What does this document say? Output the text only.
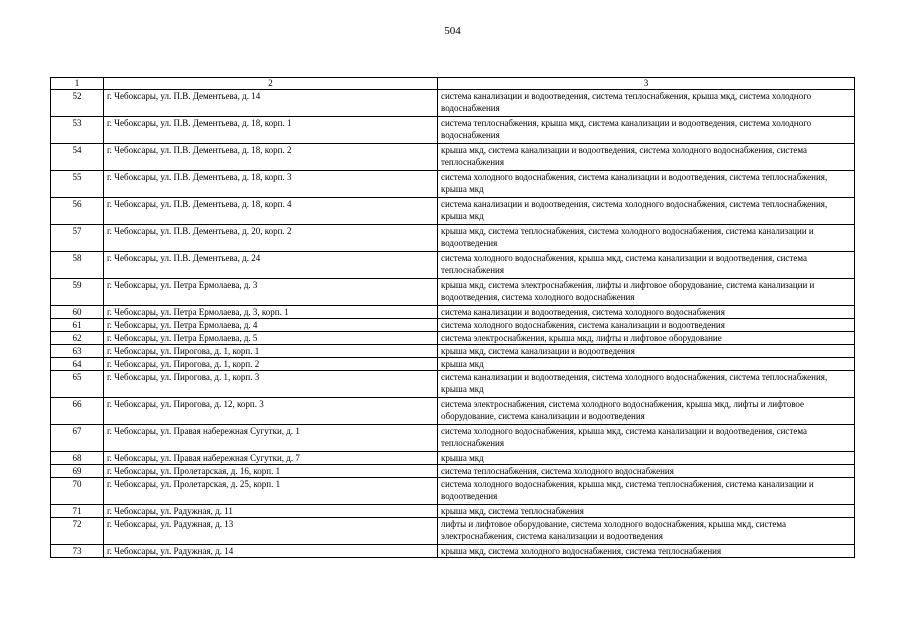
504
1	2	3
52	г. Чебоксары, ул. П.В. Дементьева, д. 14	система канализации и водоотведения, система теплоснабжения, крыша мкд, система холодного водоснабжения
53	г. Чебоксары, ул. П.В. Дементьева, д. 18, корп. 1	система теплоснабжения, крыша мкд, система канализации и водоотведения, система холодного водоснабжения
54	г. Чебоксары, ул. П.В. Дементьева, д. 18, корп. 2	крыша мкд, система канализации и водоотведения, система холодного водоснабжения, система теплоснабжения
55	г. Чебоксары, ул. П.В. Дементьева, д. 18, корп. 3	система холодного водоснабжения, система канализации и водоотведения, система теплоснабжения, крыша мкд
56	г. Чебоксары, ул. П.В. Дементьева, д. 18, корп. 4	система канализации и водоотведения, система холодного водоснабжения, система теплоснабжения, крыша мкд
57	г. Чебоксары, ул. П.В. Дементьева, д. 20, корп. 2	крыша мкд, система теплоснабжения, система холодного водоснабжения, система канализации и водоотведения
58	г. Чебоксары, ул. П.В. Дементьева, д. 24	система холодного водоснабжения, крыша мкд, система канализации и водоотведения, система теплоснабжения
59	г. Чебоксары, ул. Петра Ермолаева, д. 3	крыша мкд, система электроснабжения, лифты и лифтовое оборудование, система канализации и водоотведения, система холодного водоснабжения
60	г. Чебоксары, ул. Петра Ермолаева, д. 3, корп. 1	система канализации и водоотведения, система холодного водоснабжения
61	г. Чебоксары, ул. Петра Ермолаева, д. 4	система холодного водоснабжения, система канализации и водоотведения
62	г. Чебоксары, ул. Петра Ермолаева, д. 5	система электроснабжения, крыша мкд, лифты и лифтовое оборудование
63	г. Чебоксары, ул. Пирогова, д. 1, корп. 1	крыша мкд, система канализации и водоотведения
64	г. Чебоксары, ул. Пирогова, д. 1, корп. 2	крыша мкд
65	г. Чебоксары, ул. Пирогова, д. 1, корп. 3	система канализации и водоотведения, система холодного водоснабжения, система теплоснабжения, крыша мкд
66	г. Чебоксары, ул. Пирогова, д. 12, корп. 3	система электроснабжения, система холодного водоснабжения, крыша мкд, лифты и лифтовое оборудование, система канализации и водоотведения
67	г. Чебоксары, ул. Правая набережная Сугутки, д. 1	система холодного водоснабжения, крыша мкд, система канализации и водоотведения, система теплоснабжения
68	г. Чебоксары, ул. Правая набережная Сугутки, д. 7	крыша мкд
69	г. Чебоксары, ул. Пролетарская, д. 16, корп. 1	система теплоснабжения, система холодного водоснабжения
70	г. Чебоксары, ул. Пролетарская, д. 25, корп. 1	система холодного водоснабжения, крыша мкд, система теплоснабжения, система канализации и водоотведения
71	г. Чебоксары, ул. Радужная, д. 11	крыша мкд, система теплоснабжения
72	г. Чебоксары, ул. Радужная, д. 13	лифты и лифтовое оборудование, система холодного водоснабжения, крыша мкд, система электроснабжения, система канализации и водоотведения
73	г. Чебоксары, ул. Радужная, д. 14	крыша мкд, система холодного водоснабжения, система теплоснабжения
